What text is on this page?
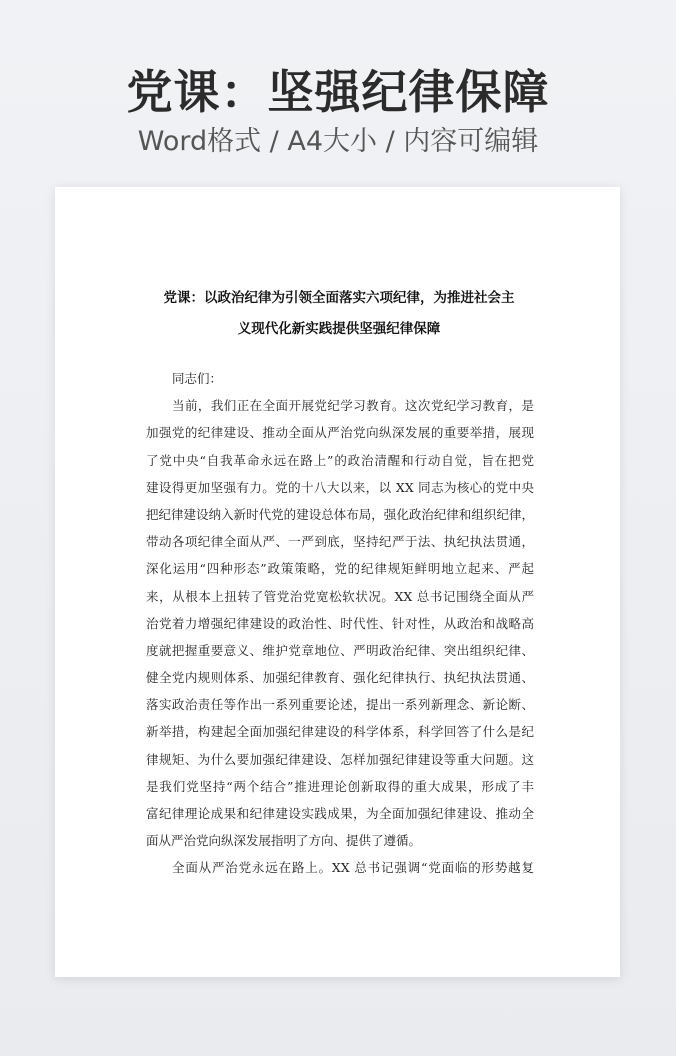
党课：坚强纪律保障
Word格式 / A4大小 / 内容可编辑
党课：以政治纪律为引领全面落实六项纪律，为推进社会主
义现代化新实践提供坚强纪律保障
同志们：
当前，我们正在全面开展党纪学习教育。这次党纪学习教育，是
加强党的纪律建设、推动全面从严治党向纵深发展的重要举措，展现
了党中央“自我革命永远在路上”的政治清醒和行动自觉，旨在把党
建设得更加坚强有力。党的十八大以来，以 XX 同志为核心的党中央
把纪律建设纳入新时代党的建设总体布局，强化政治纪律和组织纪律，
带动各项纪律全面从严、一严到底，坚持纪严于法、执纪执法贯通，
深化运用“四种形态”政策策略，党的纪律规矩鲜明地立起来、严起
来，从根本上扭转了管党治党宽松软状况。XX 总书记围绕全面从严
治党着力增强纪律建设的政治性、时代性、针对性，从政治和战略高
度就把握重要意义、维护党章地位、严明政治纪律、突出组织纪律、
健全党内规则体系、加强纪律教育、强化纪律执行、执纪执法贯通、
落实政治责任等作出一系列重要论述，提出一系列新理念、新论断、
新举措，构建起全面加强纪律建设的科学体系，科学回答了什么是纪
律规矩、为什么要加强纪律建设、怎样加强纪律建设等重大问题。这
是我们党坚持“两个结合”推进理论创新取得的重大成果，形成了丰
富纪律理论成果和纪律建设实践成果，为全面加强纪律建设、推动全
面从严治党向纵深发展指明了方向、提供了遵循。
全面从严治党永远在路上。XX 总书记强调“党面临的形势越复
